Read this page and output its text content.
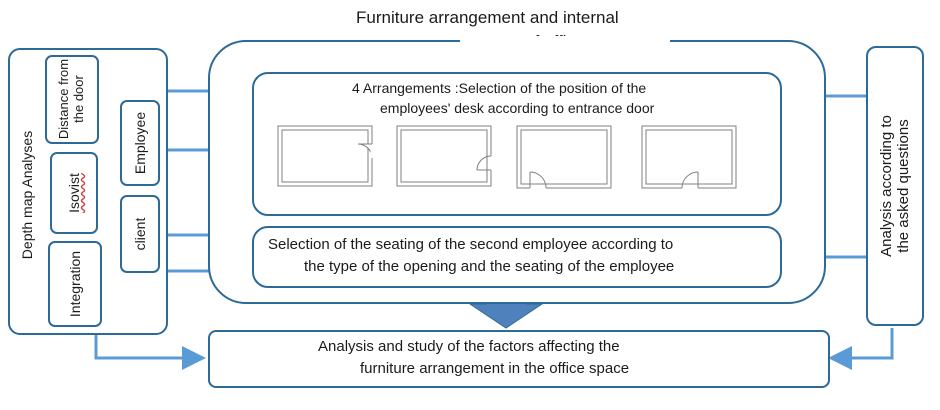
Furniture arrangement and internal
Depth map Analyses
Distance from the door
Employee
Isovist
client
Integration
4 Arrangements :Selection of the position of the
employees' desk according to entrance door
Selection of the seating of the second employee according to
the type of the opening and the seating of the employee
Analysis according to the asked questions
Analysis and study of the factors affecting the
furniture arrangement in the office space
